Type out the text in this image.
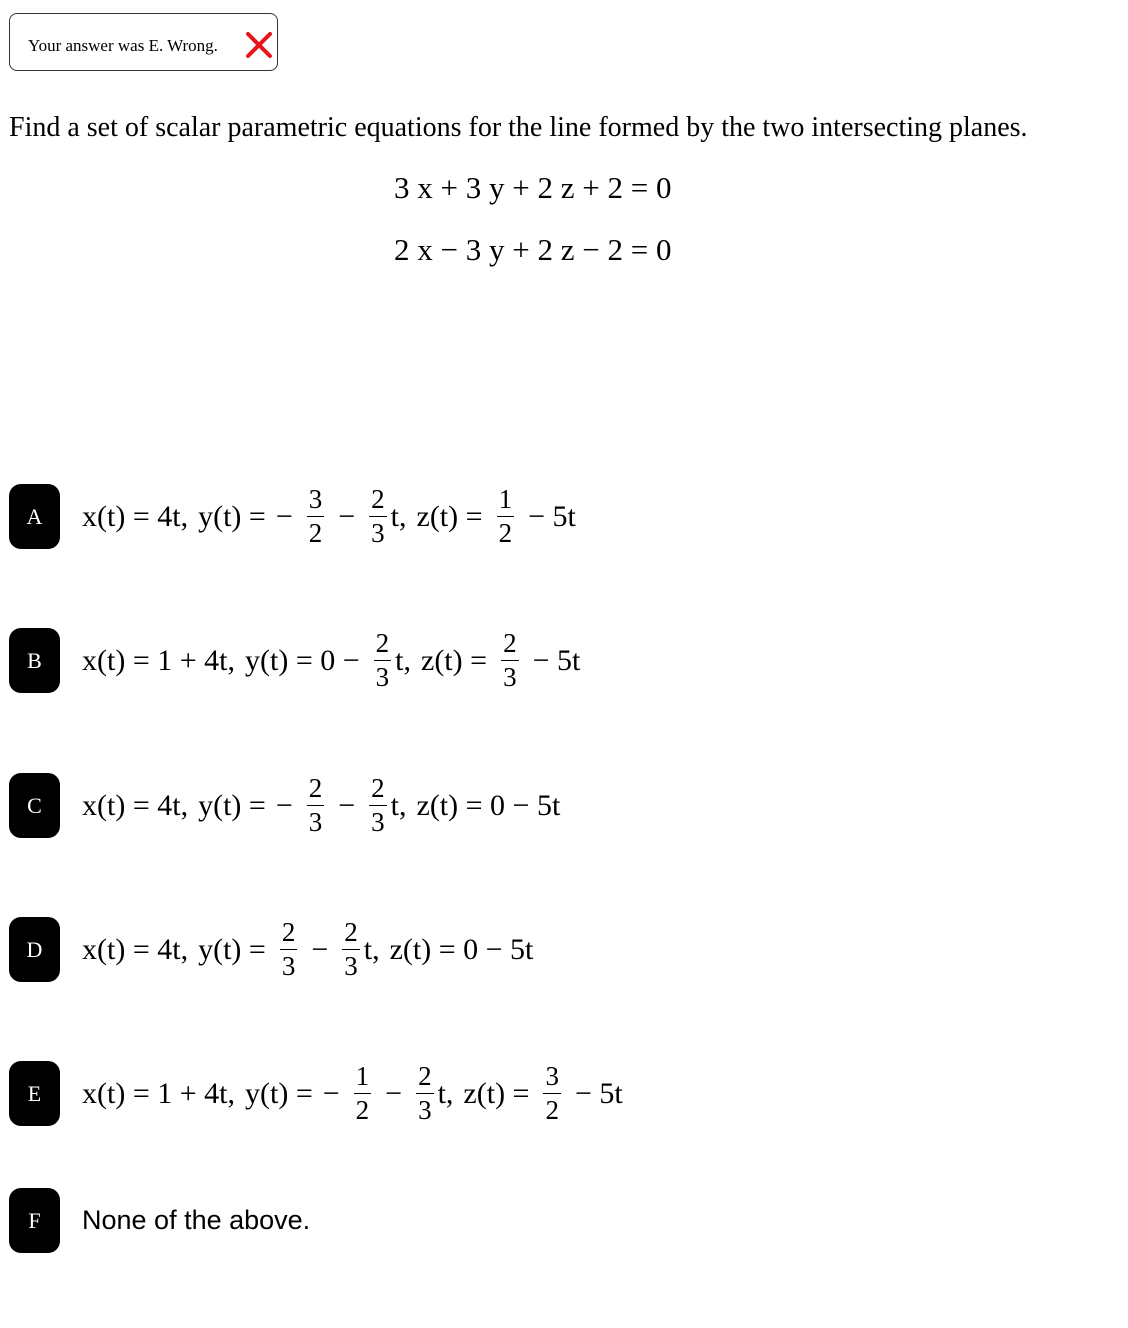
Your answer was E. Wrong.
Find a set of scalar parametric equations for the line formed by the two intersecting planes.
3 x + 3 y + 2 z + 2 = 0
2 x − 3 y + 2 z − 2 = 0
A	x(t) = 4t, y(t) = − $\frac{3}{2} - \frac{2}{3} t$, $z(t) = \frac{1}{2} - 5t$
B	x(t) = 1 + 4t, $y(t) = 0 - \frac{2}{3} t$, $z(t) = \frac{2}{3} - 5t$
C	x(t) = 4t, y(t) = − $\frac{2}{3} - \frac{2}{3} t$, z(t) = 0 − 5t
D	x(t) = 4t, $y(t) = \frac{2}{3} - \frac{2}{3} t$, z(t) = 0 − 5t
E	x(t) = 1 + 4t, y(t) = − $\frac{1}{2} - \frac{2}{3} t$, $z(t) = \frac{3}{2} - 5t$
F	None of the above.
